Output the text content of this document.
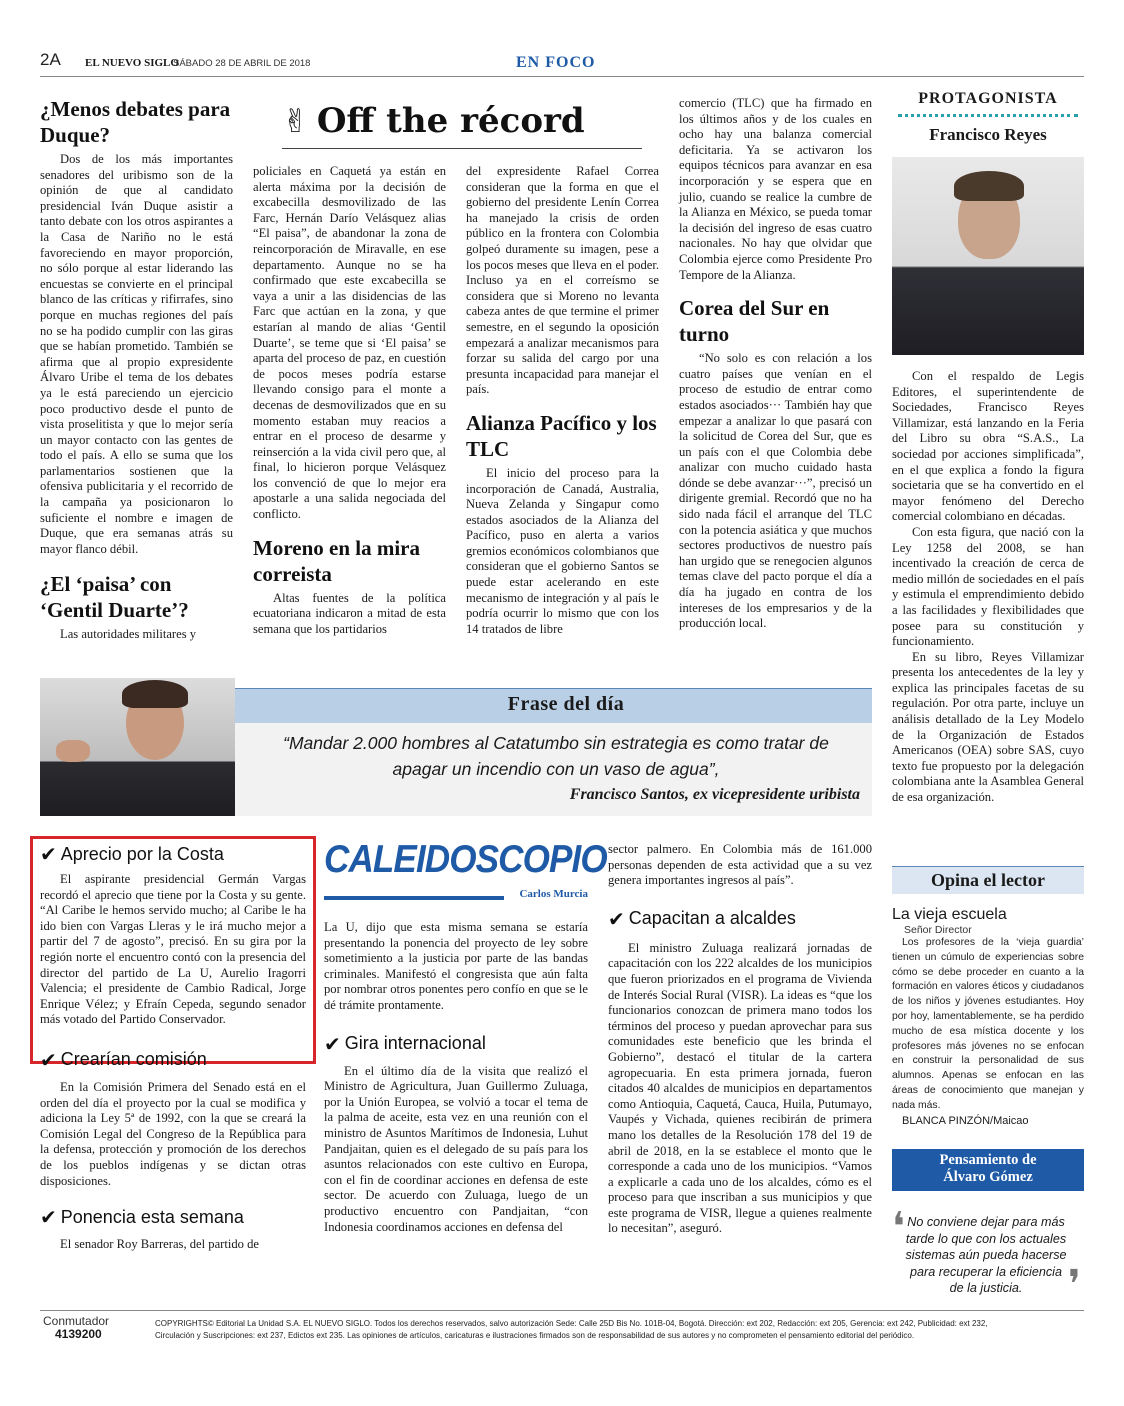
2A EL NUEVO SIGLO
SÁBADO 28 DE ABRIL DE 2018	EN FOCO
✌ Off the récord
¿Menos debates para Duque?

Dos de los más importantes senadores del uribismo son de la opinión de que al candidato presidencial Iván Duque asistir a tanto debate con los otros aspirantes a la Casa de Nariño no le está favoreciendo en mayor proporción, no sólo porque al estar liderando las encuestas se convierte en el principal blanco de las críticas y rifirrafes, sino porque en muchas regiones del país no se ha podido cumplir con las giras que se habían prometido. También se afirma que al propio expresidente Álvaro Uribe el tema de los debates ya le está pareciendo un ejercicio poco productivo desde el punto de vista proselitista y que lo mejor sería un mayor contacto con las gentes de todo el país. A ello se suma que los parlamentarios sostienen que la ofensiva publicitaria y el recorrido de la campaña ya posicionaron lo suficiente el nombre e imagen de Duque, que era semanas atrás su mayor flanco débil.

¿El ‘paisa’ con ‘Gentil Duarte’?

Las autoridades militares y

policiales en Caquetá ya están en alerta máxima por la decisión de excabecilla desmovilizado de las Farc, Hernán Darío Velásquez alias “El paisa”, de abandonar la zona de reincorporación de Miravalle, en ese departamento. Aunque no se ha confirmado que este excabecilla se vaya a unir a las disidencias de las Farc que actúan en la zona, y que estarían al mando de alias ‘Gentil Duarte’, se teme que si ‘El paisa’ se aparta del proceso de paz, en cuestión de pocos meses podría estarse llevando consigo para el monte a decenas de desmovilizados que en su momento estaban muy reacios a entrar en el proceso de desarme y reinserción a la vida civil pero que, al final, lo hicieron porque Velásquez los convenció de que lo mejor era apostarle a una salida negociada del conflicto.

Moreno en la mira correista

Altas fuentes de la política ecuatoriana indicaron a mitad de esta semana que los partidarios

del expresidente Rafael Correa consideran que la forma en que el gobierno del presidente Lenín Correa ha manejado la crisis de orden público en la frontera con Colombia golpeó duramente su imagen, pese a los pocos meses que lleva en el poder. Incluso ya en el correísmo se considera que si Moreno no levanta cabeza antes de que termine el primer semestre, en el segundo la oposición empezará a analizar mecanismos para forzar su salida del cargo por una presunta incapacidad para manejar el país.

Alianza Pacífico y los TLC

El inicio del proceso para la incorporación de Canadá, Australia, Nueva Zelanda y Singapur como estados asociados de la Alianza del Pacífico, puso en alerta a varios gremios económicos colombianos que consideran que el gobierno Santos se puede estar acelerando en este mecanismo de integración y al país le podría ocurrir lo mismo que con los 14 tratados de libre

comercio (TLC) que ha firmado en los últimos años y de los cuales en ocho hay una balanza comercial deficitaria. Ya se activaron los equipos técnicos para avanzar en esa incorporación y se espera que en julio, cuando se realice la cumbre de la Alianza en México, se pueda tomar la decisión del ingreso de esas cuatro nacionales. No hay que olvidar que Colombia ejerce como Presidente Pro Tempore de la Alianza.

Corea del Sur en turno

“No solo es con relación a los cuatro países que venían en el proceso de estudio de entrar como estados asociados··· También hay que empezar a analizar lo que pasará con la solicitud de Corea del Sur, que es un país con el que Colombia debe analizar con mucho cuidado hasta dónde se debe avanzar···”, precisó un dirigente gremial. Recordó que no ha sido nada fácil el arranque del TLC con la potencia asiática y que muchos sectores productivos de nuestro país han urgido que se renegocien algunos temas clave del pacto porque el día a día ha jugado en contra de los intereses de los empresarios y de la producción local.

PROTAGONISTA
Francisco Reyes

Con el respaldo de Legis Editores, el superintendente de Sociedades, Francisco Reyes Villamizar, está lanzando en la Feria del Libro su obra “S.A.S., La sociedad por acciones simplificada”, en el que explica a fondo la figura societaria que se ha convertido en el mayor fenómeno del Derecho comercial colombiano en décadas.

Con esta figura, que nació con la Ley 1258 del 2008, se han incentivado la creación de cerca de medio millón de sociedades en el país y estimula el emprendimiento debido a las facilidades y flexibilidades que posee para su constitución y funcionamiento.

En su libro, Reyes Villamizar presenta los antecedentes de la ley y explica las principales facetas de su regulación. Por otra parte, incluye un análisis detallado de la Ley Modelo de la Organización de Estados Americanos (OEA) sobre SAS, cuyo texto fue propuesto por la delegación colombiana ante la Asamblea General de esa organización.

Frase del día
“Mandar 2.000 hombres al Catatumbo sin estrategia es como tratar de
apagar un incendio con un vaso de agua”,
Francisco Santos, ex vicepresidente uribista
Opina el lector
La vieja escuela
Señor Director
Los profesores de la ‘vieja guardia’ tienen un cúmulo de experiencias sobre cómo se debe proceder en cuanto a la formación en valores éticos y ciudadanos de los niños y jóvenes estudiantes. Hoy por hoy, lamentablemente, se ha perdido mucho de esa mística docente y los profesores más jóvenes no se enfocan en construir la personalidad de sus alumnos. Apenas se enfocan en las áreas de conocimiento que manejan y nada más.
BLANCA PINZÓN/Maicao
Pensamiento de
Álvaro Gómez
❛ No conviene dejar para más tarde lo que con los actuales sistemas aún pueda hacerse para recuperar la eficiencia de la justicia.	❜
✔ Aprecio por la Costa

El aspirante presidencial Germán Vargas recordó el aprecio que tiene por la Costa y su gente. “Al Caribe le hemos servido mucho; al Caribe le ha ido bien con Vargas Lleras y le irá mucho mejor a partir del 7 de agosto”, precisó. En su gira por la región norte el encuentro contó con la presencia del director del partido de La U, Aurelio Iragorri Valencia; el presidente de Cambio Radical, Jorge Enrique Vélez; y Efraín Cepeda, segundo senador más votado del Partido Conservador.

✔ Crearían comisión

En la Comisión Primera del Senado está en el orden del día el proyecto por la cual se modifica y adiciona la Ley 5ª de 1992, con la que se creará la Comisión Legal del Congreso de la República para la defensa, protección y promoción de los derechos de los pueblos indígenas y se dictan otras disposiciones.

✔ Ponencia esta semana

El senador Roy Barreras, del partido de

CALEIDOSCOPIO
Carlos Murcia

La U, dijo que esta misma semana se estaría presentando la ponencia del proyecto de ley sobre sometimiento a la justicia por parte de las bandas criminales. Manifestó el congresista que aún falta por nombrar otros ponentes pero confío en que se le dé trámite prontamente.

✔ Gira internacional

En el último día de la visita que realizó el Ministro de Agricultura, Juan Guillermo Zuluaga, por la Unión Europea, se volvió a tocar el tema de la palma de aceite, esta vez en una reunión con el ministro de Asuntos Marítimos de Indonesia, Luhut Pandjaitan, quien es el delegado de su país para los asuntos relacionados con este cultivo en Europa, con el fin de coordinar acciones en defensa de este sector. De acuerdo con Zuluaga, luego de un productivo encuentro con Pandjaitan, “con Indonesia coordinamos acciones en defensa del

sector palmero. En Colombia más de 161.000 personas dependen de esta actividad que a su vez genera importantes ingresos al país”.

✔ Capacitan a alcaldes

El ministro Zuluaga realizará jornadas de capacitación con los 222 alcaldes de los municipios que fueron priorizados en el programa de Vivienda de Interés Social Rural (VISR). La ideas es “que los funcionarios conozcan de primera mano todos los términos del proceso y puedan aprovechar para sus comunidades este beneficio que les brinda el Gobierno”, destacó el titular de la cartera agropecuaria. En esta primera jornada, fueron citados 40 alcaldes de municipios en departamentos como Antioquia, Caquetá, Cauca, Huila, Putumayo, Vaupés y Vichada, quienes recibirán de primera mano los detalles de la Resolución 178 del 19 de abril de 2018, en la se establece el monto que le corresponde a cada uno de los municipios. “Vamos a explicarle a cada uno de los alcaldes, cómo es el proceso para que inscriban a sus municipios y que este programa de VISR, llegue a quienes realmente lo necesitan”, aseguró.

Conmutador
4139200
COPYRIGHTS© Editorial La Unidad S.A. EL NUEVO SIGLO. Todos los derechos reservados, salvo autorización Sede: Calle 25D Bis No. 101B-04, Bogotá. Dirección: ext 202, Redacción: ext 205, Gerencia: ext 242, Publicidad: ext 232,
Circulación y Suscripciones: ext 237, Edictos ext 235. Las opiniones de artículos, caricaturas e ilustraciones firmados son de responsabilidad de sus autores y no comprometen el pensamiento editorial del periódico.
